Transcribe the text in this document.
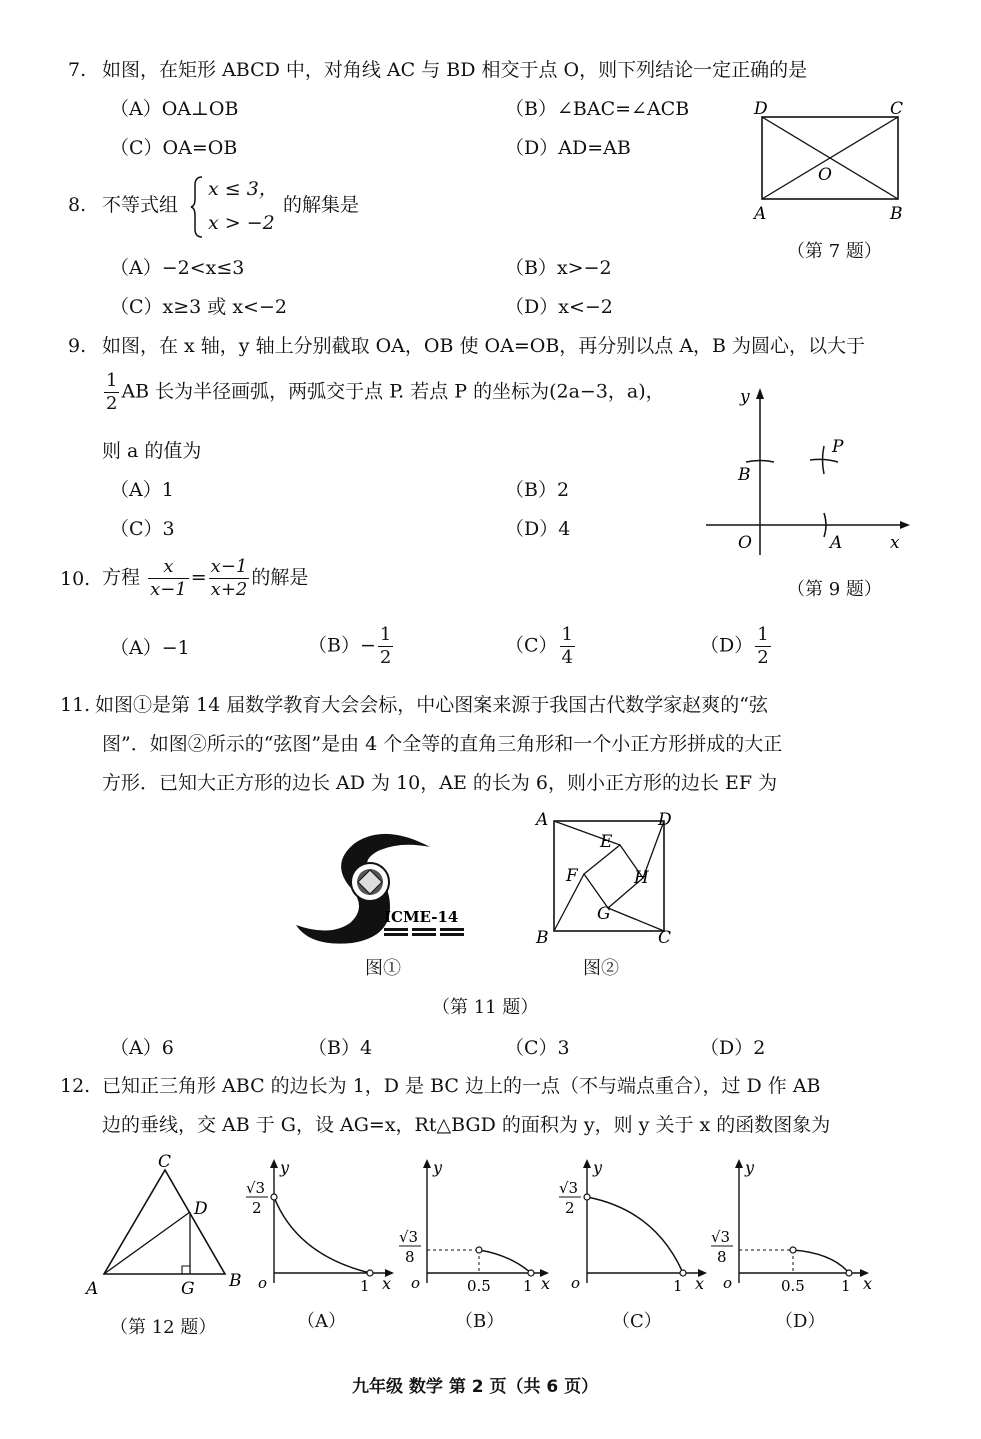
7. 如图，在矩形 ABCD 中，对角线 AC 与 BD 相交于点 O，则下列结论一定正确的是
（A）OA⊥OB	（B）∠BAC=∠ACB
（C）OA=OB	（D）AD=AB
D	C
O
A	B
（第 7 题）
8. 不等式组
x ≤ 3，
x > −2
的解集是
（A）−2<x≤3	（B）x>−2
（C）x≥3 或 x<−2	（D）x<−2
9. 如图，在 x 轴，y 轴上分别截取 OA，OB 使 OA=OB，再分别以点 A，B 为圆心，以大于
$\frac{1}{2}$ AB 长为半径画弧，两弧交于点 P. 若点 P 的坐标为(2a−3，a)，
则 a 的值为
（A）1	（B）2
（C）3	（D）4
y
x
O	A
B
P
（第 9 题）
10. 方程 $\frac{x}{x-1} = \frac{x-1}{x+2}$ 的解是
（A）−1	$(B)- \frac{1}{2}$	$(C) \frac{1}{4}$	$(D) \frac{1}{2}$
11. 如图①是第 14 届数学教育大会会标，中心图案来源于我国古代数学家赵爽的“弦
图”．如图②所示的“弦图”是由 4 个全等的直角三角形和一个小正方形拼成的大正
方形．已知大正方形的边长 AD 为 10，AE 的长为 6，则小正方形的边长 EF 为
ICME-14
图①
A	D
E
F	H
G
B	C
图②
（第 11 题）
（A）6	（B）4	（C）3	（D）2
12. 已知正三角形 ABC 的边长为 1，D 是 BC 边上的一点（不与端点重合），过 D 作 AB
边的垂线，交 AB 于 G，设 AG=x，Rt△BGD 的面积为 y，则 y 关于 x 的函数图象为
C
D
A	G B
（第 12 题）
y
x
o	1
√3
2
（A）
y
x
o	0.5 1
√3
8
（B）
y
x
o	1
√3
2
（C）
y
x
o	0.5 1
√3
8
（D）
九年级 数学 第 2 页（共 6 页）
